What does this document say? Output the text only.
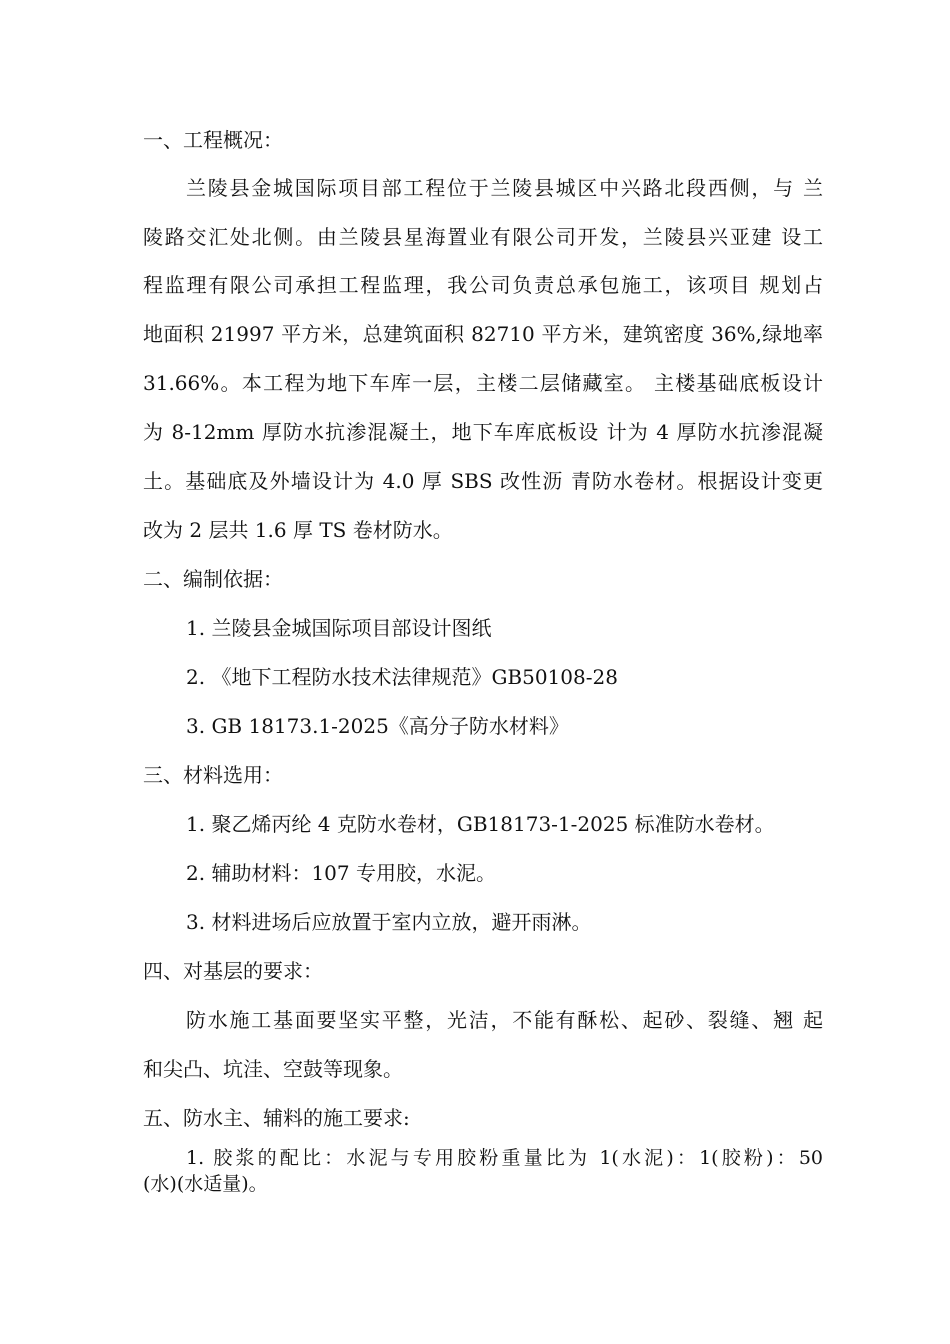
一、工程概况：

兰陵县金城国际项目部工程位于兰陵县城区中兴路北段西侧，与 兰

陵路交汇处北侧。由兰陵县星海置业有限公司开发，兰陵县兴亚建 设工

程监理有限公司承担工程监理，我公司负责总承包施工，该项目 规划占

地面积 21997 平方米，总建筑面积 82710 平方米，建筑密度 36%,绿地率

31.66%。本工程为地下车库一层，主楼二层储藏室。 主楼基础底板设计

为 8-12mm 厚防水抗渗混凝土，地下车库底板设 计为 4 厚防水抗渗混凝

土。基础底及外墙设计为 4.0 厚 SBS 改性沥 青防水卷材。根据设计变更

改为 2 层共 1.6 厚 TS 卷材防水。

二、编制依据：

1. 兰陵县金城国际项目部设计图纸

2. 《地下工程防水技术法律规范》GB50108-28

3. GB 18173.1-2025《高分子防水材料》

三、材料选用：

1. 聚乙烯丙纶 4 克防水卷材，GB18173-1-2025 标准防水卷材。

2. 辅助材料：107 专用胶，水泥。

3. 材料进场后应放置于室内立放，避开雨淋。

四、对基层的要求：

防水施工基面要坚实平整，光洁，不能有酥松、起砂、裂缝、翘 起

和尖凸、坑洼、空鼓等现象。

五、防水主、辅料的施工要求:

1. 胶浆的配比：水泥与专用胶粉重量比为 1(水泥)：1(胶粉)：50

(水)(水适量)。
